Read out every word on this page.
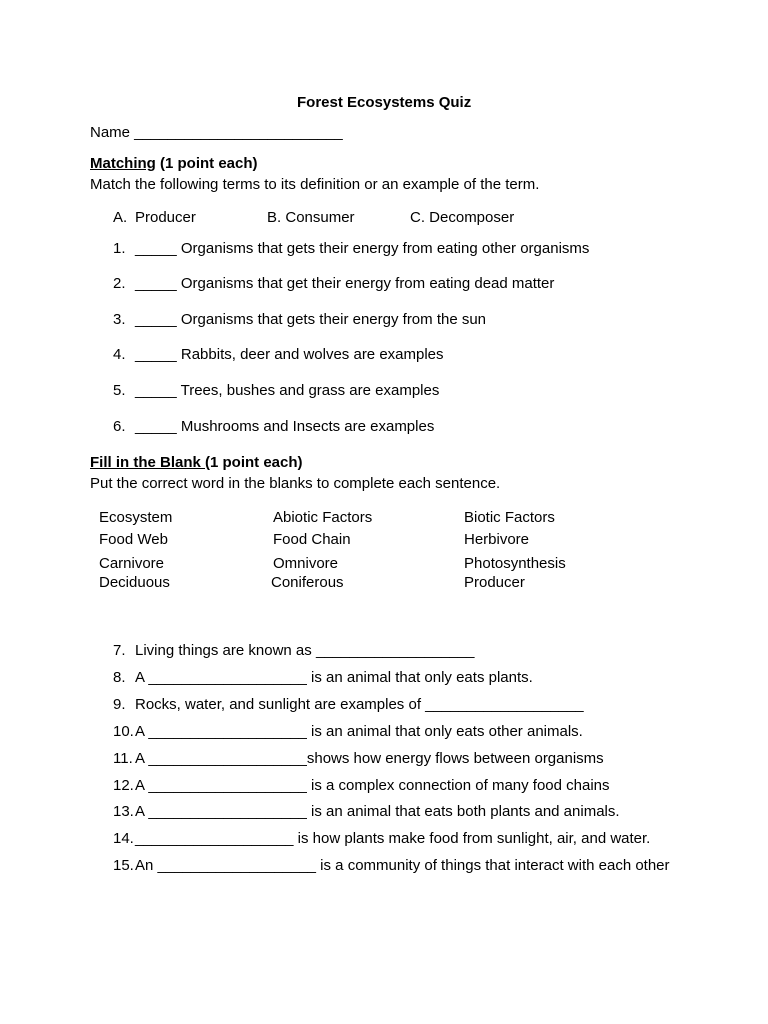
Forest Ecosystems Quiz
Name _________________________
Matching (1 point each)
Match the following terms to its definition or an example of the term.
A. Producer	B. Consumer	C. Decomposer
1. _____ Organisms that gets their energy from eating other organisms
2. _____ Organisms that get their energy from eating dead matter
3. _____ Organisms that gets their energy from the sun
4. _____ Rabbits, deer and wolves are examples
5. _____ Trees, bushes and grass are examples
6. _____ Mushrooms and Insects are examples
Fill in the Blank (1 point each)
Put the correct word in the blanks to complete each sentence.
Ecosystem	Abiotic Factors	Biotic Factors
Food Web	Food Chain	Herbivore
Carnivore	Omnivore	Photosynthesis
Deciduous	Coniferous	Producer
7. Living things are known as ___________________
8. A ___________________ is an animal that only eats plants.
9. Rocks, water, and sunlight are examples of ___________________
10.A ___________________ is an animal that only eats other animals.
11. A ___________________shows how energy flows between organisms
12.A ___________________ is a complex connection of many food chains
13.A ___________________ is an animal that eats both plants and animals.
14.___________________ is how plants make food from sunlight, air, and water.
15.An ___________________ is a community of things that interact with each other
